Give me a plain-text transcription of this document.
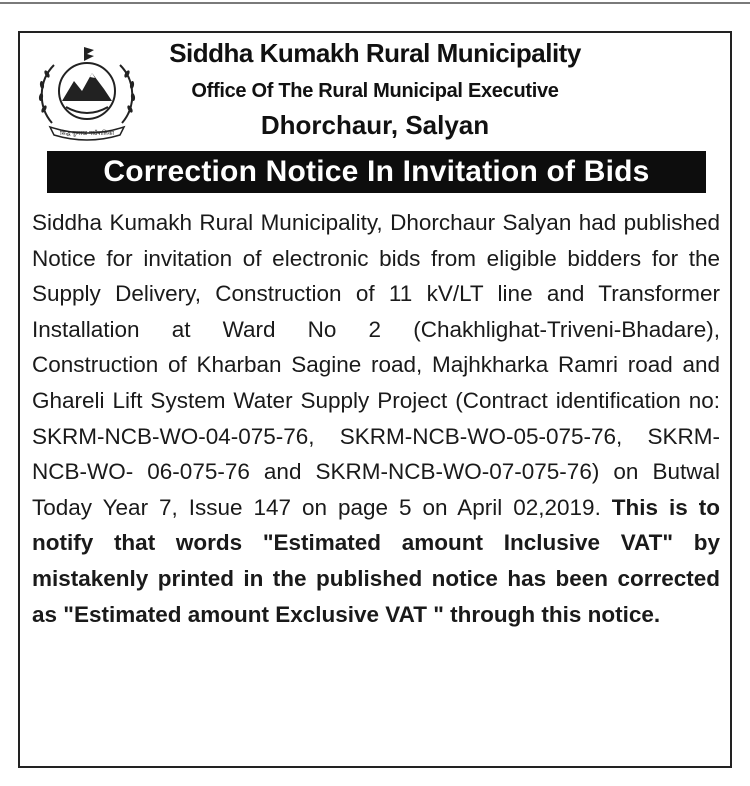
सिद्ध कुमाख गाउँपालिका
Siddha Kumakh Rural Municipality
Office Of The Rural Municipal Executive
Dhorchaur, Salyan
Correction Notice In Invitation of Bids
Siddha Kumakh Rural Municipality, Dhorchaur Salyan had published Notice for invitation of electronic bids from eligible bidders for the Supply Delivery, Construction of 11 kV/LT line and Transformer Installation at Ward No 2 (Chakhlighat-Triveni-Bhadare), Construction of Kharban Sagine road, Majhkharka Ramri road and Ghareli Lift System Water Supply Project (Contract identification no: SKRM-NCB-WO-04-075-76, SKRM-NCB-WO-05-075-76, SKRM-NCB-WO- 06-075-76 and SKRM-NCB-WO-07-075-76) on Butwal Today Year 7, Issue 147 on page 5 on April 02,2019. This is to notify that words "Estimated amount Inclusive VAT" by mistakenly printed in the published notice has been corrected as "Estimated amount Exclusive VAT " through this notice.
